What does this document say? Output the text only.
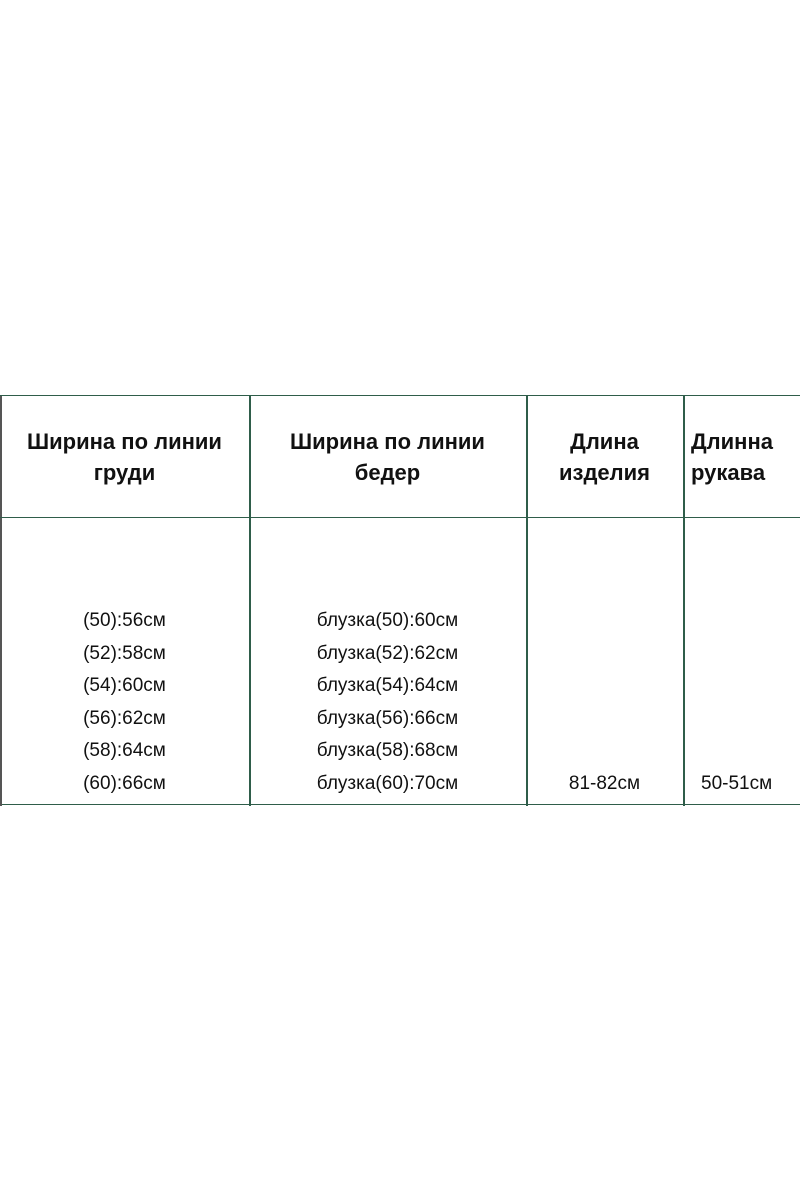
Ширина по линии
груди
Ширина по линии
бедер
Длина
изделия
Длинна
рукава
(50):56см
(52):58см
(54):60см
(56):62см
(58):64см
(60):66см
блузка(50):60см
блузка(52):62см
блузка(54):64см
блузка(56):66см
блузка(58):68см
блузка(60):70см	81-82см	50-51см
